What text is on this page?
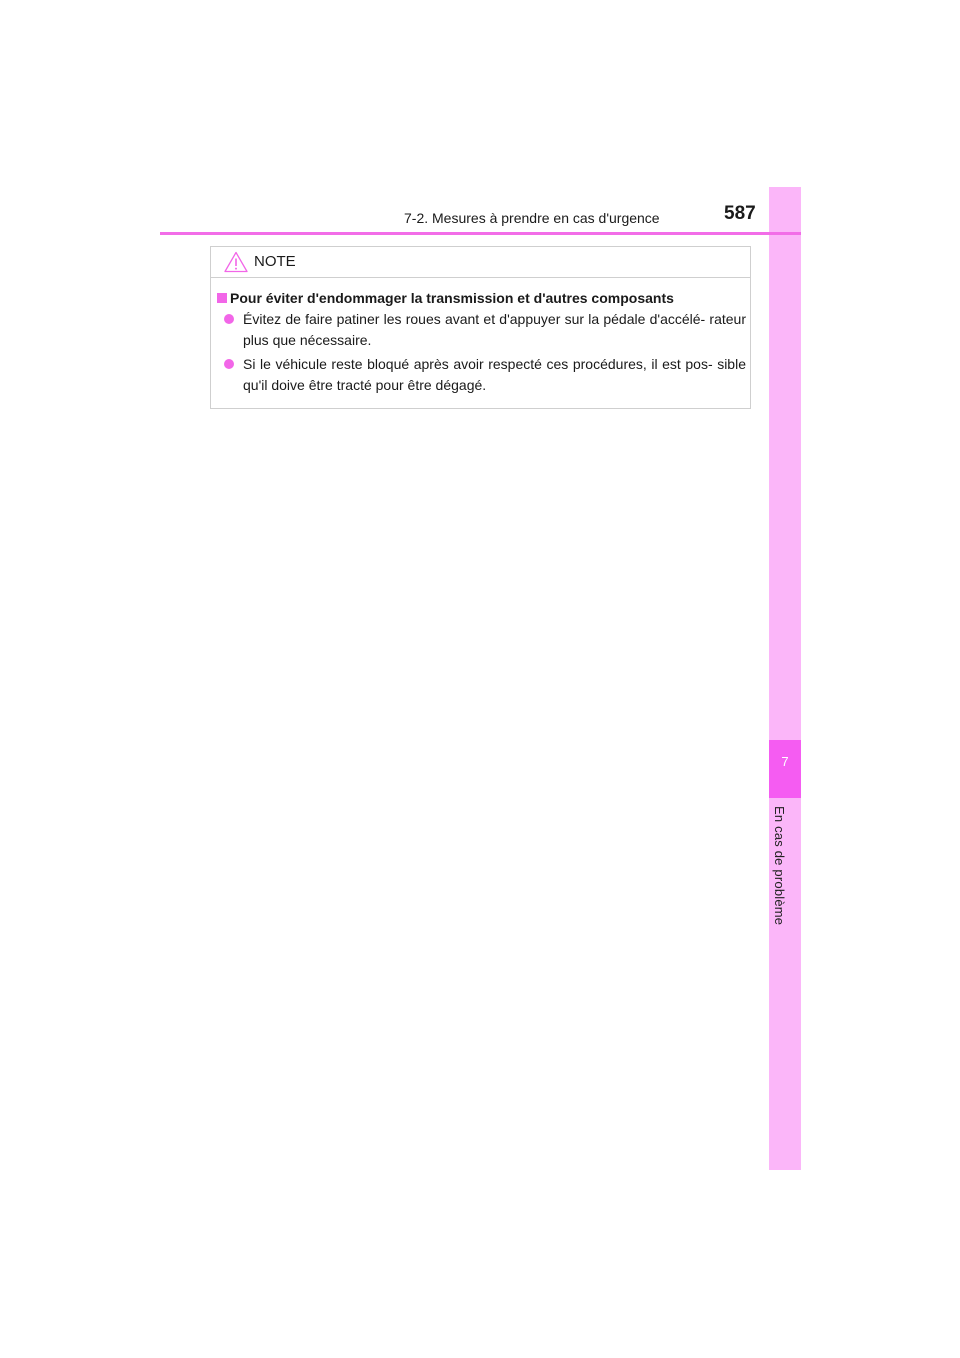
7
En cas de problème
7-2. Mesures à prendre en cas d'urgence	587
NOTE
Pour éviter d'endommager la transmission et d'autres composants
Évitez de faire patiner les roues avant et d'appuyer sur la pédale d'accélé- rateur plus que nécessaire.
Si le véhicule reste bloqué après avoir respecté ces procédures, il est pos- sible qu'il doive être tracté pour être dégagé.
